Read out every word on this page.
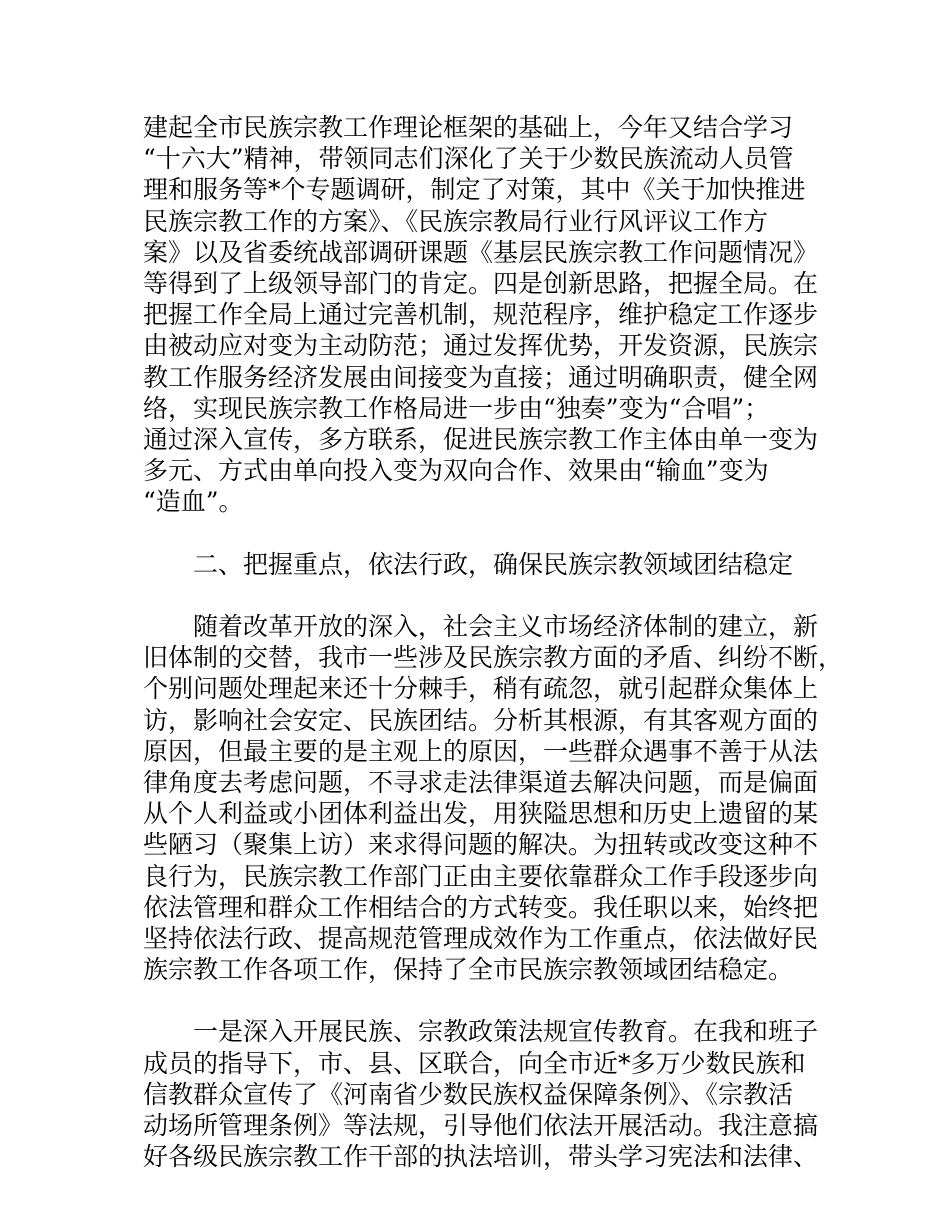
建起全市民族宗教工作理论框架的基础上，今年又结合学习
“十六大”精神，带领同志们深化了关于少数民族流动人员管
理和服务等*个专题调研，制定了对策，其中《关于加快推进
民族宗教工作的方案》、《民族宗教局行业行风评议工作方
案》以及省委统战部调研课题《基层民族宗教工作问题情况》
等得到了上级领导部门的肯定。四是创新思路，把握全局。在
把握工作全局上通过完善机制，规范程序，维护稳定工作逐步
由被动应对变为主动防范；通过发挥优势，开发资源，民族宗
教工作服务经济发展由间接变为直接；通过明确职责，健全网
络，实现民族宗教工作格局进一步由“独奏”变为“合唱”；
通过深入宣传，多方联系，促进民族宗教工作主体由单一变为
多元、方式由单向投入变为双向合作、效果由“输血”变为
“造血”。
　　二、把握重点，依法行政，确保民族宗教领域团结稳定
　　随着改革开放的深入，社会主义市场经济体制的建立，新
旧体制的交替，我市一些涉及民族宗教方面的矛盾、纠纷不断，
个别问题处理起来还十分棘手，稍有疏忽，就引起群众集体上
访，影响社会安定、民族团结。分析其根源，有其客观方面的
原因，但最主要的是主观上的原因，一些群众遇事不善于从法
律角度去考虑问题，不寻求走法律渠道去解决问题，而是偏面
从个人利益或小团体利益出发，用狭隘思想和历史上遗留的某
些陋习（聚集上访）来求得问题的解决。为扭转或改变这种不
良行为，民族宗教工作部门正由主要依靠群众工作手段逐步向
依法管理和群众工作相结合的方式转变。我任职以来，始终把
坚持依法行政、提高规范管理成效作为工作重点，依法做好民
族宗教工作各项工作，保持了全市民族宗教领域团结稳定。
　　一是深入开展民族、宗教政策法规宣传教育。在我和班子
成员的指导下，市、县、区联合，向全市近*多万少数民族和
信教群众宣传了《河南省少数民族权益保障条例》、《宗教活
动场所管理条例》等法规，引导他们依法开展活动。我注意搞
好各级民族宗教工作干部的执法培训，带头学习宪法和法律、
